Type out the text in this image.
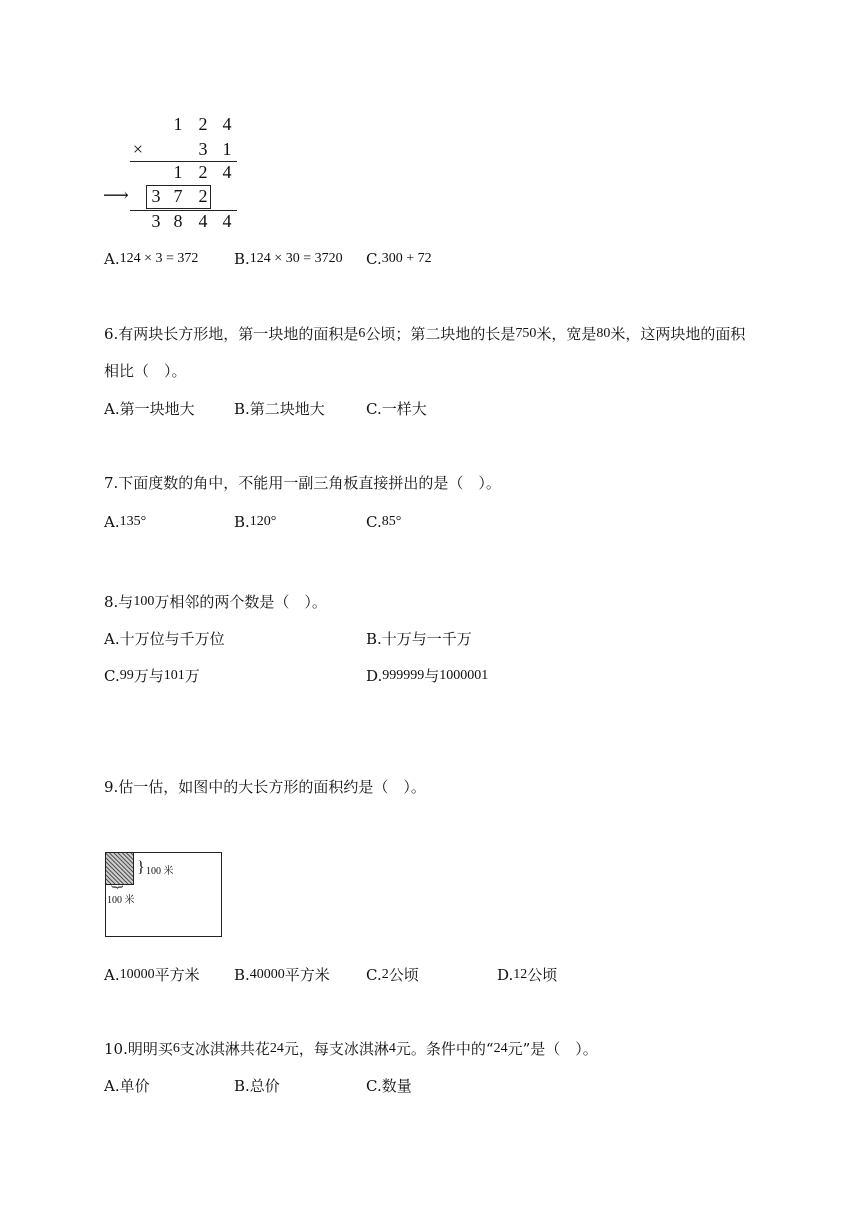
1 2 4
×	3 1
1 2 4
⟶ 3 7 2
3 8 4 4
A.124 × 3 = 372 B.124 × 30 = 3720 C.300 + 72
6.有两块长方形地，第一块地的面积是6公顷；第二块地的长是750米，宽是80米，这两块地的面积
相比（　）。
A.第一块地大	B.第二块地大	C.一样大
7.下面度数的角中，不能用一副三角板直接拼出的是（　）。
A.135°	B.120°	C.85°
8.与100万相邻的两个数是（　）。
A.十万位与千万位	B.十万与一千万
C.99万与101万	D.999999与1000001
9.估一估，如图中的大长方形的面积约是（　）。
} 100 米
}
100 米
A.10000平方米 B.40000平方米 C.2公顷	D.12公顷
10.明明买6支冰淇淋共花24元，每支冰淇淋4元。条件中的“24元”是（　）。
A.单价	B.总价	C.数量
